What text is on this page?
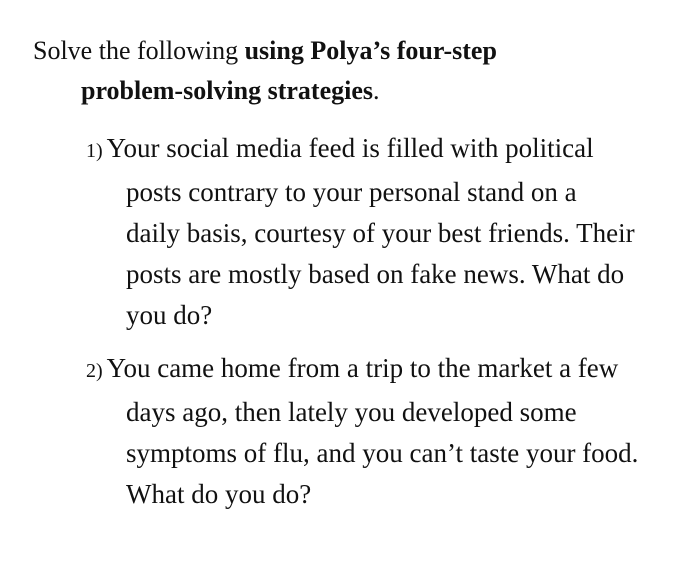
Solve the following using Polya’s four-step
problem-solving strategies.
1) Your social media feed is filled with political
posts contrary to your personal stand on a
daily basis, courtesy of your best friends. Their
posts are mostly based on fake news. What do
you do?
2) You came home from a trip to the market a few
days ago, then lately you developed some
symptoms of flu, and you can’t taste your food.
What do you do?
